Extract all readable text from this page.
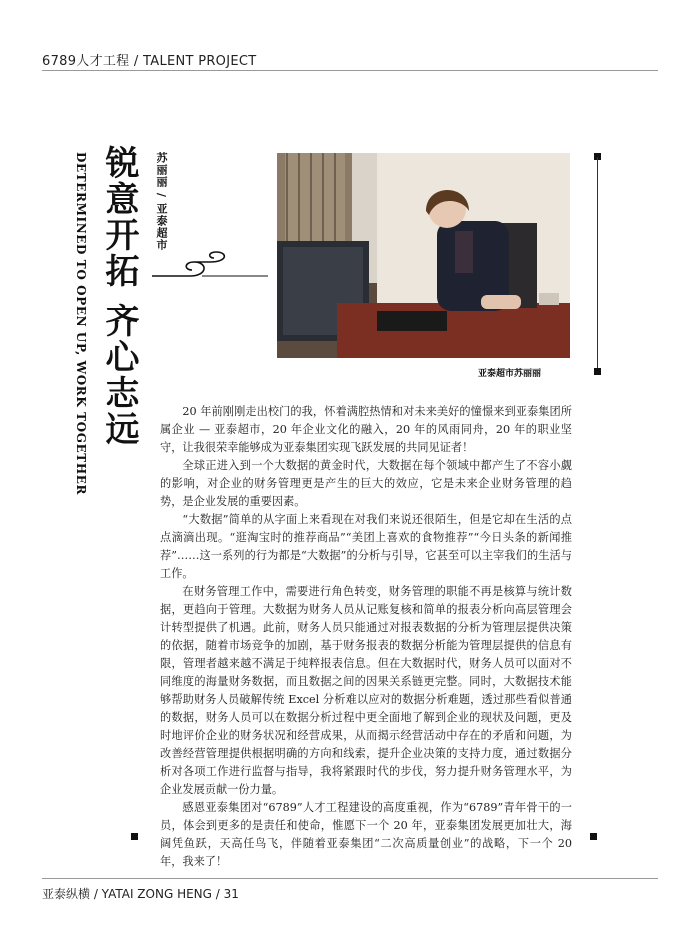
6789人才工程 / TALENT PROJECT
DETERMINED TO OPEN UP, WORK TOGETHER 锐意开拓 齐心志远 苏丽丽 / 亚泰超市
亚泰超市苏丽丽

20 年前刚刚走出校门的我，怀着满腔热情和对未来美好的憧憬来到亚泰集团所属企业 — 亚泰超市，20 年企业文化的融入，20 年的风雨同舟，20 年的职业坚守，让我很荣幸能够成为亚泰集团实现飞跃发展的共同见证者！

全球正进入到一个大数据的黄金时代，大数据在每个领域中都产生了不容小觑的影响，对企业的财务管理更是产生的巨大的效应，它是未来企业财务管理的趋势，是企业发展的重要因素。

“大数据”简单的从字面上来看现在对我们来说还很陌生，但是它却在生活的点点滴滴出现。“逛淘宝时的推荐商品”“美团上喜欢的食物推荐”“今日头条的新闻推荐”……这一系列的行为都是“大数据”的分析与引导，它甚至可以主宰我们的生活与工作。

在财务管理工作中，需要进行角色转变，财务管理的职能不再是核算与统计数据，更趋向于管理。大数据为财务人员从记账复核和简单的报表分析向高层管理会计转型提供了机遇。此前，财务人员只能通过对报表数据的分析为管理层提供决策的依据，随着市场竞争的加剧，基于财务报表的数据分析能为管理层提供的信息有限，管理者越来越不满足于纯粹报表信息。但在大数据时代，财务人员可以面对不同维度的海量财务数据，而且数据之间的因果关系链更完整。同时，大数据技术能够帮助财务人员破解传统 Excel 分析难以应对的数据分析难题，透过那些看似普通的数据，财务人员可以在数据分析过程中更全面地了解到企业的现状及问题，更及时地评价企业的财务状况和经营成果，从而揭示经营活动中存在的矛盾和问题，为改善经营管理提供根据明确的方向和线索，提升企业决策的支持力度，通过数据分析对各项工作进行监督与指导，我将紧跟时代的步伐，努力提升财务管理水平，为企业发展贡献一份力量。

感恩亚泰集团对“6789”人才工程建设的高度重视，作为“6789”青年骨干的一员，体会到更多的是责任和使命，惟愿下一个 20 年，亚泰集团发展更加壮大，海阔凭鱼跃，天高任鸟飞，伴随着亚泰集团“二次高质量创业”的战略，下一个 20 年，我来了！

亚泰纵横 / YATAI ZONG HENG / 31
